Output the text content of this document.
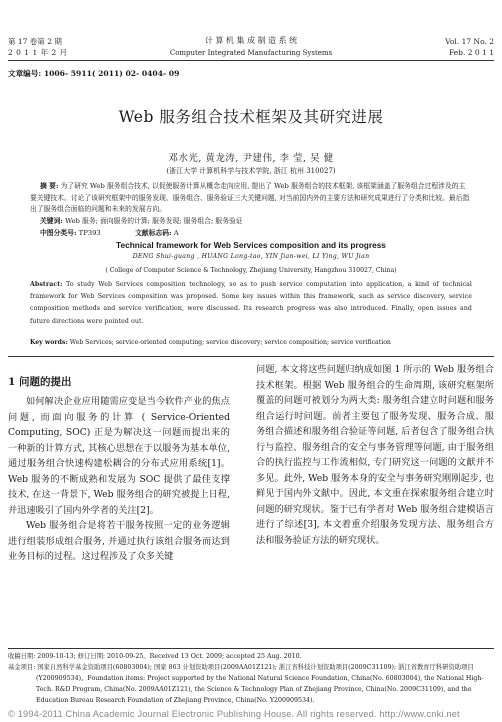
第 17 卷第 2 期
2 0 1 1 年 2 月
计 算 机 集 成 制 造 系 统
Computer Integrated Manufacturing Systems
Vol. 17 No. 2
Feb. 2 0 1 1
文章编号: 1006- 5911( 2011) 02- 0404- 09
Web 服务组合技术框架及其研究进展
邓水光, 黄龙涛, 尹建伟, 李 莹, 吴 健
(浙江大学 计算机科学与技术学院, 浙江 杭州 310027)
摘 要: 为了研究 Web 服务组合技术, 以促使服务计算从概念走向应用, 提出了 Web 服务组合的技术框架, 该框架涵盖了服务组合过程涉及的主要关键技术。讨论了该研究框架中的服务发现、服务组合、服务验证三大关键问题, 对当前国内外的主要方法和研究成果进行了分类和比较。最后指出了服务组合面临的问题和未来的发展方向。
关键词: Web 服务; 面向服务的计算; 服务发现; 服务组合; 服务验证
中图分类号: TP393	文献标志码: A
Technical framework for Web Services composition and its progress
DENG Shui-guang , HUANG Long-tao, YIN Jian-wei, LI Ying, WU Jian
( College of Computer Science & Technology, Zhejiang University, Hangzhou 310027, China)
Abstract: To study Web Services composition technology, so as to push service computation into application, a kind of technical framework for Web Services composition was proposed. Some key issues within this framework, such as service discovery, service composition methods and service verification, were discussed. Its research progress was also introduced. Finally, open issues and future directions were pointed out.
Key words: Web Services; service-oriented computing; service discovery; service composition; service verification
1 问题的提出
如何解决企业应用随需应变是当今软件产业的焦点问题, 而面向服务的计算 ( Service-Oriented Computing, SOC) 正是为解决这一问题而提出来的一种新的计算方式, 其核心思想在于以服务为基本单位, 通过服务组合快速构建松耦合的分布式应用系统[1]。Web 服务的不断成熟和发展为 SOC 提供了最佳支撑技术, 在这一背景下, Web 服务组合的研究被提上日程, 并迅速吸引了国内外学者的关注[2]。
Web 服务组合是将若干服务按照一定的业务逻辑进行组装形成组合服务, 并通过执行该组合服务而达到业务目标的过程。这过程涉及了众多关键
问题, 本文将这些问题归纳成如图 1 所示的 Web 服务组合技术框架。根据 Web 服务组合的生命周期, 该研究框架所覆盖的问题可被划分为两大类: 服务组合建立时问题和服务组合运行时问题。前者主要包了服务发现、服务合成、服务组合描述和服务组合验证等问题, 后者包含了服务组合执行与监控、服务组合的安全与事务管理等问题, 由于服务组合的执行监控与工作流相似, 专门研究这一问题的文献并不多见。此外, Web 服务本身的安全与事务研究刚刚起步, 也鲜见于国内外文献中。因此, 本文重在探索服务组合建立时问题的研究现状。鉴于已有学者对 Web 服务组合建模语言进行了综述[3], 本文着重介绍服务发现方法、服务组合方法和服务验证方法的研究现状。
收稿日期: 2009-10-13; 修订日期: 2010-09-25。Received 13 Oct. 2009; accepted 25 Aug. 2010.
基金项目: 国家自然科学基金资助项目(60803004); 国家 863 计划资助项目(2009AA01Z121); 浙江省科技计划资助项目(2009C31109); 浙江省教育厅科研资助项目(Y200909534)。Foundation items: Project supported by the National Natural Science Foundation, China(No. 60803004), the National High-Tech. R&D Program, China(No. 2009AA01Z121), the Science & Technology Plan of Zhejiang Province, China(No. 2009C31109), and the Education Bureau Research Foundation of Zhejiang Province, China(No. Y200909534).
© 1994-2011 China Academic Journal Electronic Publishing House. All rights reserved. http://www.cnki.net
